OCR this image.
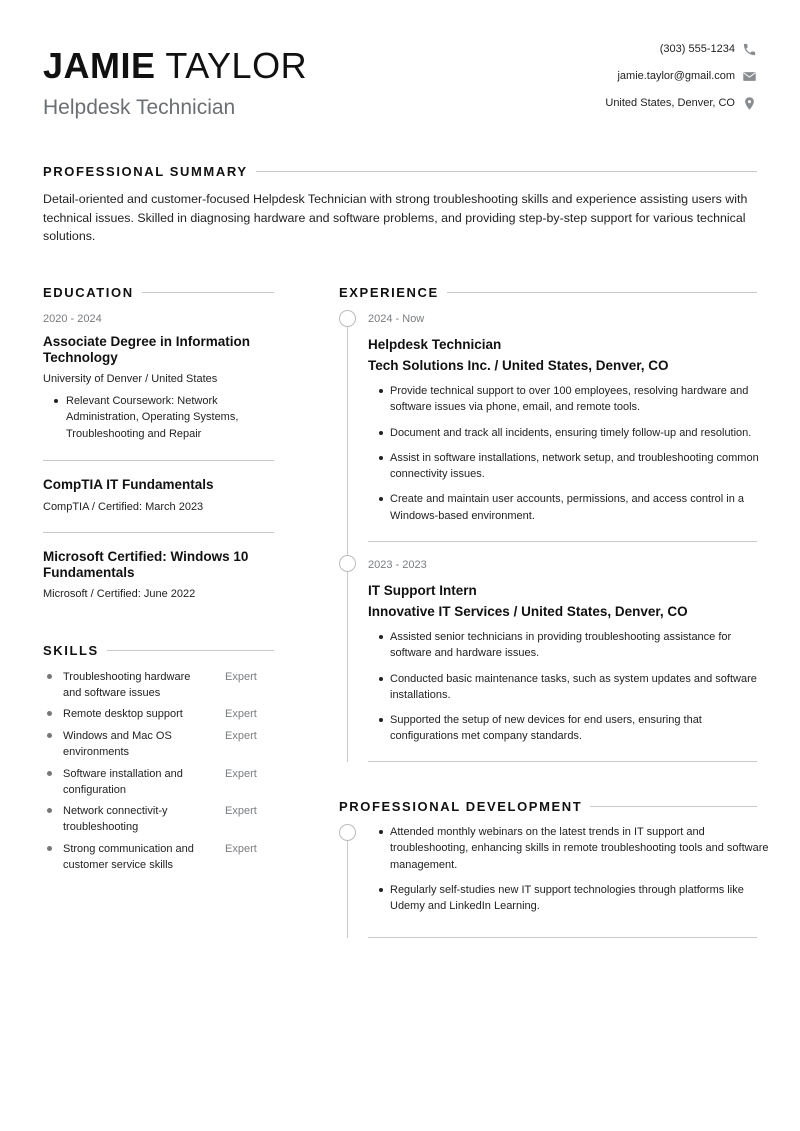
JAMIE TAYLOR
Helpdesk Technician
(303) 555-1234
jamie.taylor@gmail.com
United States, Denver, CO
PROFESSIONAL SUMMARY
Detail-oriented and customer-focused Helpdesk Technician with strong troubleshooting skills and experience assisting users with technical issues. Skilled in diagnosing hardware and software problems, and providing step-by-step support for various technical solutions.
EDUCATION
2020 - 2024
Associate Degree in Information Technology
University of Denver / United States
Relevant Coursework: Network Administration, Operating Systems, Troubleshooting and Repair
CompTIA IT Fundamentals
CompTIA / Certified: March 2023
Microsoft Certified: Windows 10 Fundamentals
Microsoft / Certified: June 2022
SKILLS
Troubleshooting hardware and software issues
Expert
Remote desktop support	Expert
Windows and Mac OS environments
Expert
Software installation and configuration
Expert
Network connectivit-y troubleshooting
Expert
Strong communication and customer service skills
Expert
EXPERIENCE
2024 - Now
Helpdesk Technician
Tech Solutions Inc. / United States, Denver, CO
Provide technical support to over 100 employees, resolving hardware and software issues via phone, email, and remote tools.
Document and track all incidents, ensuring timely follow-up and resolution.
Assist in software installations, network setup, and troubleshooting common connectivity issues.
Create and maintain user accounts, permissions, and access control in a Windows-based environment.
2023 - 2023
IT Support Intern
Innovative IT Services / United States, Denver, CO
Assisted senior technicians in providing troubleshooting assistance for software and hardware issues.
Conducted basic maintenance tasks, such as system updates and software installations.
Supported the setup of new devices for end users, ensuring that configurations met company standards.
PROFESSIONAL DEVELOPMENT
Attended monthly webinars on the latest trends in IT support and troubleshooting, enhancing skills in remote troubleshooting tools and software management.
Regularly self-studies new IT support technologies through platforms like Udemy and LinkedIn Learning.
